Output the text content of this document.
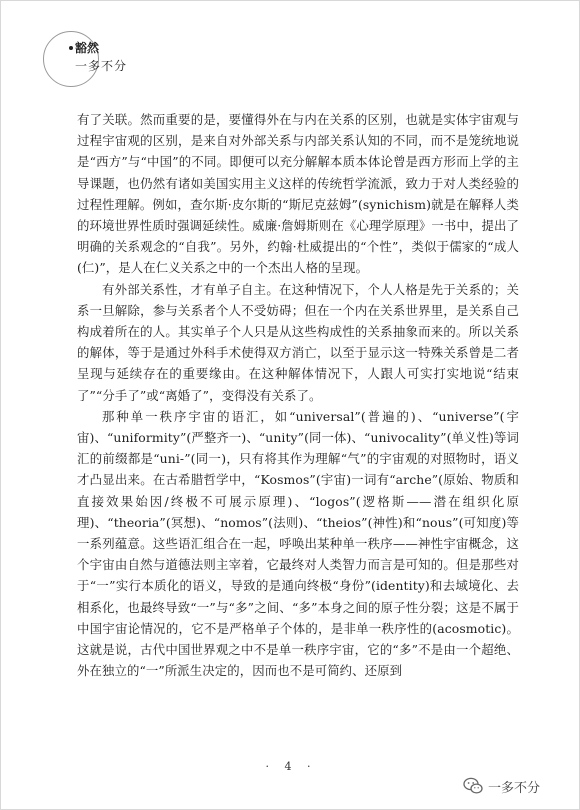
豁然
一多不分

有了关联。然而重要的是，要懂得外在与内在关系的区别，也就是实体宇宙观与过程宇宙观的区别，是来自对外部关系与内部关系认知的不同，而不是笼统地说是“西方”与“中国”的不同。即便可以充分解解本质本体论曾是西方形而上学的主导课题，也仍然有诸如美国实用主义这样的传统哲学流派，致力于对人类经验的过程性理解。例如，查尔斯·皮尔斯的“斯尼克兹姆”(synichism)就是在解释人类的环境世界性质时强调延续性。威廉·詹姆斯则在《心理学原理》一书中，提出了明确的关系观念的“自我”。另外，约翰·杜威提出的“个性”，类似于儒家的“成人(仁)”，是人在仁义关系之中的一个杰出人格的呈现。

有外部关系性，才有单子自主。在这种情况下，个人人格是先于关系的；关系一旦解除，参与关系者个人不受妨碍；但在一个内在关系世界里，是关系自己构成着所在的人。其实单子个人只是从这些构成性的关系抽象而来的。所以关系的解体，等于是通过外科手术使得双方消亡，以至于显示这一特殊关系曾是二者呈现与延续存在的重要缘由。在这种解体情况下，人跟人可实打实地说“结束了”“分手了”或“离婚了”，变得没有关系了。

那种单一秩序宇宙的语汇，如“universal”(普遍的)、“universe”(宇宙)、“uniformity”(严整齐一)、“unity”(同一体)、“univocality”(单义性)等词汇的前缀都是“uni-”(同一)，只有将其作为理解“气”的宇宙观的对照物时，语义才凸显出来。在古希腊哲学中，“Kosmos”(宇宙)一词有“arche”(原始、物质和直接效果始因/终极不可展示原理)、“logos”(逻格斯——潜在组织化原理)、“theoria”(冥想)、“nomos”(法则)、“theios”(神性)和“nous”(可知度)等一系列蕴意。这些语汇组合在一起，呼唤出某种单一秩序——神性宇宙概念，这个宇宙由自然与道德法则主宰着，它最终对人类智力而言是可知的。但是那些对于“一”实行本质化的语义，导致的是通向终极“身份”(identity)和去域境化、去相系化，也最终导致“一”与“多”之间、“多”本身之间的原子性分裂；这是不属于中国宇宙论情况的，它不是严格单子个体的，是非单一秩序性的(acosmotic)。这就是说，古代中国世界观之中不是单一秩序宇宙，它的“多”不是由一个超绝、外在独立的“一”所派生决定的，因而也不是可简约、还原到

· 4 ·
一多不分
